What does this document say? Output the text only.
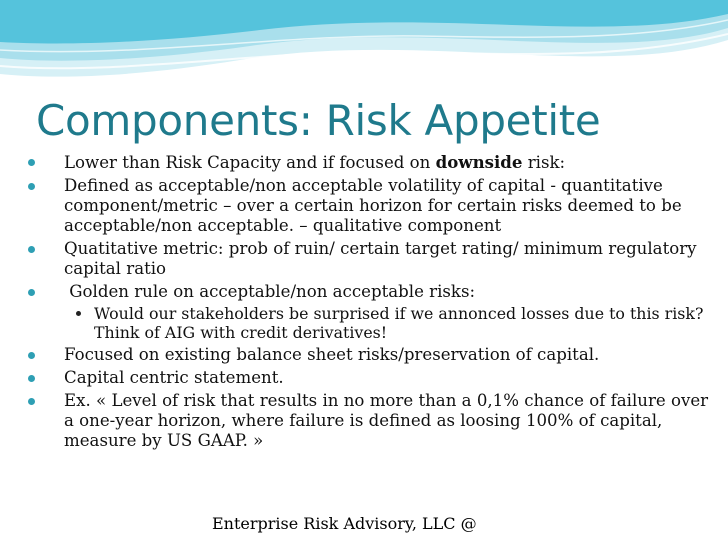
Components: Risk Appetite
Lower than Risk Capacity and if focused on downside risk:
Defined as acceptable/non acceptable volatility of capital - quantitative component/metric – over a certain horizon for certain risks deemed to be acceptable/non acceptable. – qualitative component
Quatitative metric: prob of ruin/ certain target rating/ minimum regulatory capital ratio
Golden rule on acceptable/non acceptable risks:
Would our stakeholders be surprised if we annonced losses due to this risk? Think of AIG with credit derivatives!
Focused on existing balance sheet risks/preservation of capital.
Capital centric statement.
Ex. « Level of risk that results in no more than a 0,1% chance of failure over a one-year horizon, where failure is defined as loosing 100% of capital, measure by US GAAP. »
Enterprise Risk Advisory, LLC @
